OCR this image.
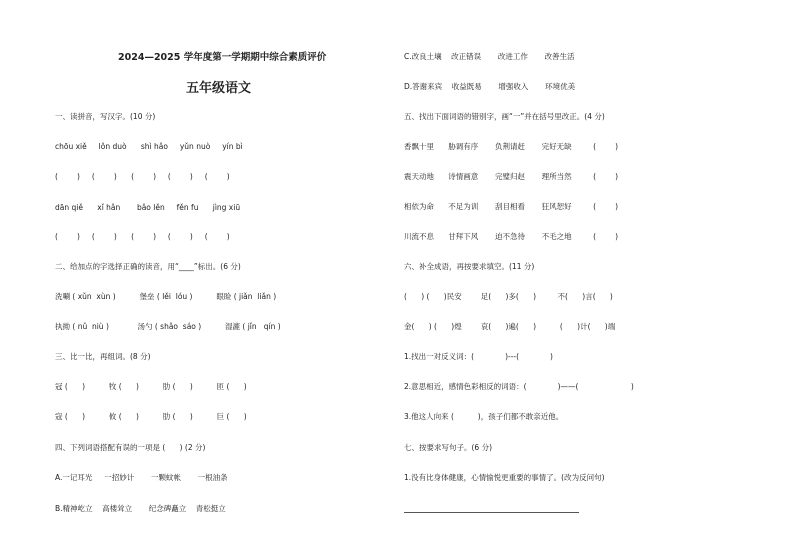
2024—2025 学年度第一学期期中综合素质评价
五年级语文
一、读拼音，写汉字。(10 分)
chōu xiě     lǒn duò      shì hǎo     yǔn nuò     yín bì
(        )     (        )      (        )     (        )     (        )
dān qiě      xǐ hǎn       bǎo lěn     fěn fu      jìng xiū
(        )     (        )      (        )     (        )     (        )
二、给加点的字选择正确的读音，用“____”标出。(6 分)
洗唰 ( xǔn  xùn )          堡垒 ( lěi  lóu )          眼睑 ( jiǎn  liǎn )
执拗 ( nǔ  niù )            汤勺 ( shǎo  sáo )          湿漉 ( jǐn   qín )
三、比一比，再组词。(8 分)
冠 (      )          牧 (      )          肋 (      )          匝 (      )
寇 (      )          攸 (      )          肋 (      )          巨 (      )
四、下列词语搭配有误的一项是 (      ) (2 分)
A.一记耳光     一招妙计       一颗蚊帐       一根油条
B.精神屹立    高楼耸立       纪念碑矗立    青松挺立
C.改良土壤    改正错误       改进工作       改善生活
D.答谢来宾    收益既易       增强收入       环境优美
五、找出下面词语的错别字，画“一”并在括号里改正。(4 分)
香飘十里      胁调有序       负荆请赶       完好无缺         (        )
震天动地      诗情画意       完璧归赵       理所当然         (        )
相依为命      不足为训       刮目相看       狂风恕好         (        )
川流不息      甘拜下风       迫不急待       不毛之地         (        )
六、补全成语，再按要求填空。(11 分)
(      ) (      )民安        足(      )多(      )         不(      )言(      )
金(      ) (      )煌        哀(      )遍(      )          (      )计(      )端
1.找出一对反义词：(             )---(             )
2.意思相近，感情色彩相反的词语：(             )——(                      )
3.他这人向来 (          )，孩子们都不敢亲近他。
七、按要求写句子。(6 分)
1.没有比身体健康，心情愉悦更重要的事情了。(改为反问句)
